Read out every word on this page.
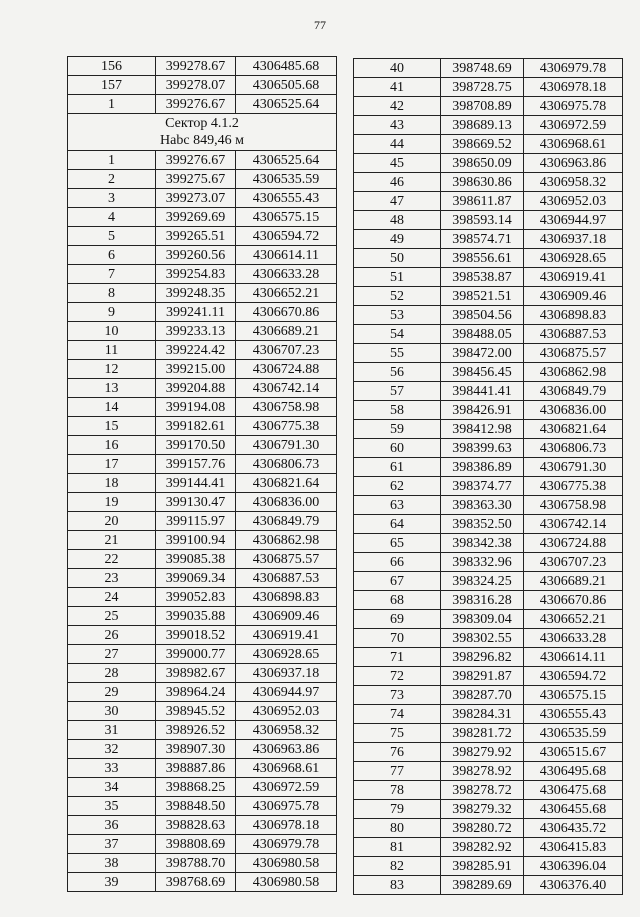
77
156	399278.67	4306485.68
157	399278.07	4306505.68
1	399276.67	4306525.64

Сектор 4.1.2
Наbс 849,46 м		

1	399276.67	4306525.64
2	399275.67	4306535.59
3	399273.07	4306555.43
4	399269.69	4306575.15
5	399265.51	4306594.72
6	399260.56	4306614.11
7	399254.83	4306633.28
8	399248.35	4306652.21
9	399241.11	4306670.86
10	399233.13	4306689.21
11	399224.42	4306707.23
12	399215.00	4306724.88
13	399204.88	4306742.14
14	399194.08	4306758.98
15	399182.61	4306775.38
16	399170.50	4306791.30
17	399157.76	4306806.73
18	399144.41	4306821.64
19	399130.47	4306836.00
20	399115.97	4306849.79
21	399100.94	4306862.98
22	399085.38	4306875.57
23	399069.34	4306887.53
24	399052.83	4306898.83
25	399035.88	4306909.46
26	399018.52	4306919.41
27	399000.77	4306928.65
28	398982.67	4306937.18
29	398964.24	4306944.97
30	398945.52	4306952.03
31	398926.52	4306958.32
32	398907.30	4306963.86
33	398887.86	4306968.61
34	398868.25	4306972.59
35	398848.50	4306975.78
36	398828.63	4306978.18
37	398808.69	4306979.78
38	398788.70	4306980.58
39	398768.69	4306980.58
40	398748.69	4306979.78
41	398728.75	4306978.18
42	398708.89	4306975.78
43	398689.13	4306972.59
44	398669.52	4306968.61
45	398650.09	4306963.86
46	398630.86	4306958.32
47	398611.87	4306952.03
48	398593.14	4306944.97
49	398574.71	4306937.18
50	398556.61	4306928.65
51	398538.87	4306919.41
52	398521.51	4306909.46
53	398504.56	4306898.83
54	398488.05	4306887.53
55	398472.00	4306875.57
56	398456.45	4306862.98
57	398441.41	4306849.79
58	398426.91	4306836.00
59	398412.98	4306821.64
60	398399.63	4306806.73
61	398386.89	4306791.30
62	398374.77	4306775.38
63	398363.30	4306758.98
64	398352.50	4306742.14
65	398342.38	4306724.88
66	398332.96	4306707.23
67	398324.25	4306689.21
68	398316.28	4306670.86
69	398309.04	4306652.21
70	398302.55	4306633.28
71	398296.82	4306614.11
72	398291.87	4306594.72
73	398287.70	4306575.15
74	398284.31	4306555.43
75	398281.72	4306535.59
76	398279.92	4306515.67
77	398278.92	4306495.68
78	398278.72	4306475.68
79	398279.32	4306455.68
80	398280.72	4306435.72
81	398282.92	4306415.83
82	398285.91	4306396.04
83	398289.69	4306376.40
